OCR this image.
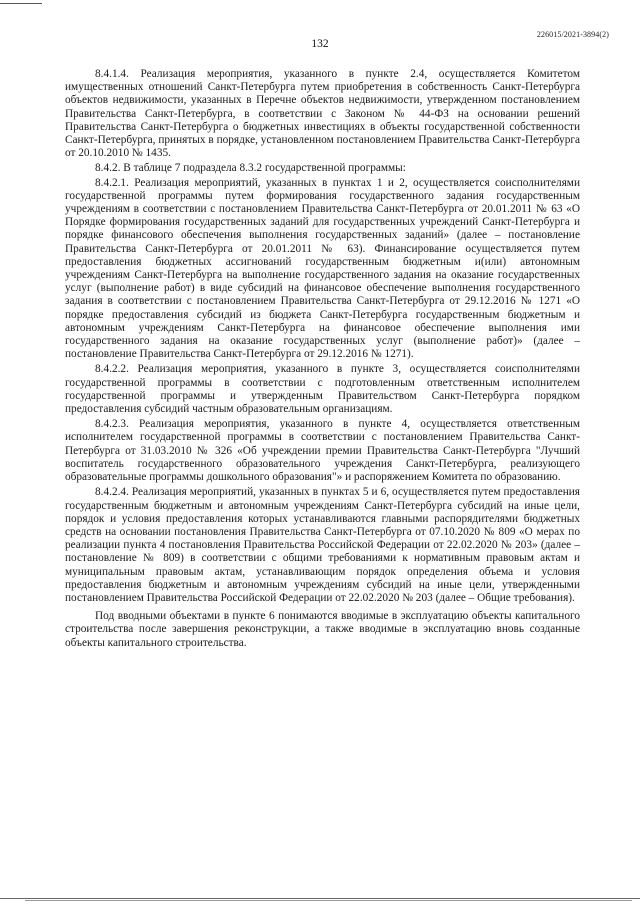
226015/2021-3894(2)
132

8.4.1.4. Реализация мероприятия, указанного в пункте 2.4, осуществляется Комитетом имущественных отношений Санкт-Петербурга путем приобретения в собственность Санкт-Петербурга объектов недвижимости, указанных в Перечне объектов недвижимости, утвержденном постановлением Правительства Санкт-Петербурга, в соответствии с Законом № 44-ФЗ на основании решений Правительства Санкт-Петербурга о бюджетных инвестициях в объекты государственной собственности Санкт-Петербурга, принятых в порядке, установленном постановлением Правительства Санкт-Петербурга от 20.10.2010 № 1435.

8.4.2. В таблице 7 подраздела 8.3.2 государственной программы:

8.4.2.1. Реализация мероприятий, указанных в пунктах 1 и 2, осуществляется соисполнителями государственной программы путем формирования государственного задания государственным учреждениям в соответствии с постановлением Правительства Санкт-Петербурга от 20.01.2011 № 63 «О Порядке формирования государственных заданий для государственных учреждений Санкт-Петербурга и порядке финансового обеспечения выполнения государственных заданий» (далее – постановление Правительства Санкт-Петербурга от 20.01.2011 № 63). Финансирование осуществляется путем предоставления бюджетных ассигнований государственным бюджетным и(или) автономным учреждениям Санкт-Петербурга на выполнение государственного задания на оказание государственных услуг (выполнение работ) в виде субсидий на финансовое обеспечение выполнения государственного задания в соответствии с постановлением Правительства Санкт-Петербурга от 29.12.2016 № 1271 «О порядке предоставления субсидий из бюджета Санкт-Петербурга государственным бюджетным и автономным учреждениям Санкт-Петербурга на финансовое обеспечение выполнения ими государственного задания на оказание государственных услуг (выполнение работ)» (далее – постановление Правительства Санкт-Петербурга от 29.12.2016 № 1271).

8.4.2.2. Реализация мероприятия, указанного в пункте 3, осуществляется соисполнителями государственной программы в соответствии с подготовленным ответственным исполнителем государственной программы и утвержденным Правительством Санкт-Петербурга порядком предоставления субсидий частным образовательным организациям.

8.4.2.3. Реализация мероприятия, указанного в пункте 4, осуществляется ответственным исполнителем государственной программы в соответствии с постановлением Правительства Санкт-Петербурга от 31.03.2010 № 326 «Об учреждении премии Правительства Санкт-Петербурга "Лучший воспитатель государственного образовательного учреждения Санкт-Петербурга, реализующего образовательные программы дошкольного образования"» и распоряжением Комитета по образованию.

8.4.2.4. Реализация мероприятий, указанных в пунктах 5 и 6, осуществляется путем предоставления государственным бюджетным и автономным учреждениям Санкт-Петербурга субсидий на иные цели, порядок и условия предоставления которых устанавливаются главными распорядителями бюджетных средств на основании постановления Правительства Санкт-Петербурга от 07.10.2020 № 809 «О мерах по реализации пункта 4 постановления Правительства Российской Федерации от 22.02.2020 № 203» (далее – постановление № 809) в соответствии с общими требованиями к нормативным правовым актам и муниципальным правовым актам, устанавливающим порядок определения объема и условия предоставления бюджетным и автономным учреждениям субсидий на иные цели, утвержденными постановлением Правительства Российской Федерации от 22.02.2020 № 203 (далее – Общие требования).

Под вводными объектами в пункте 6 понимаются вводимые в эксплуатацию объекты капитального строительства после завершения реконструкции, а также вводимые в эксплуатацию вновь созданные объекты капитального строительства.
